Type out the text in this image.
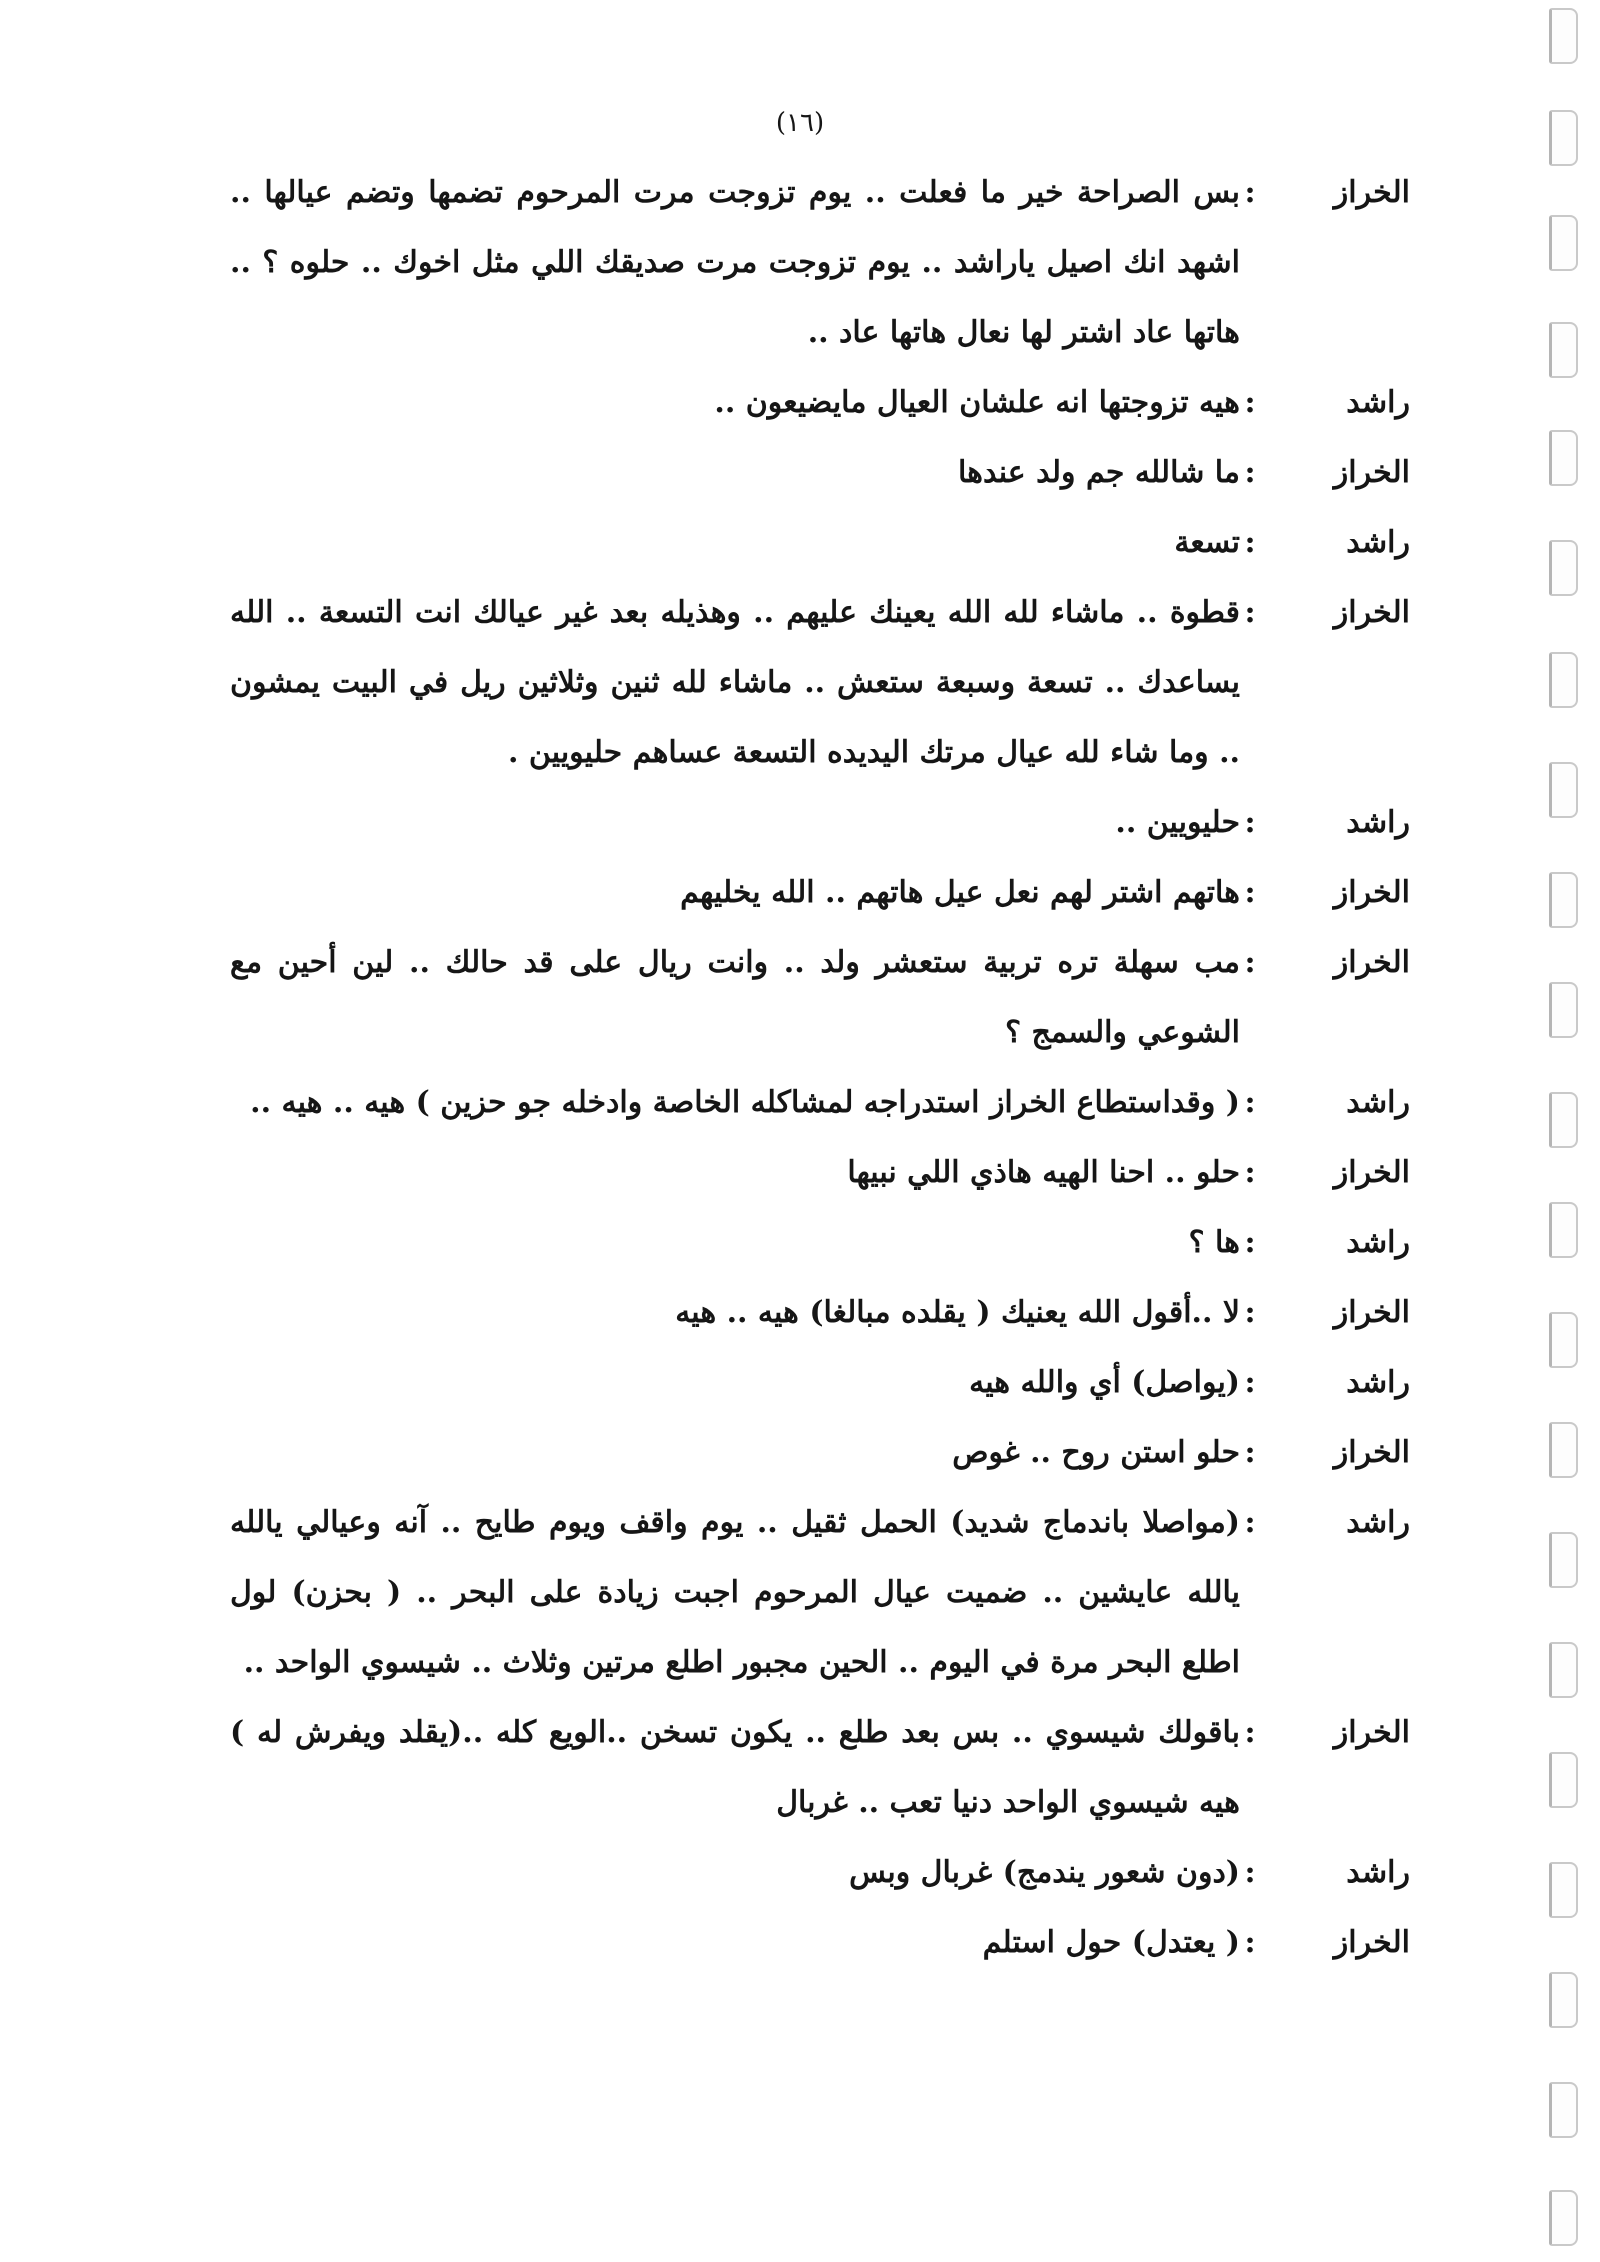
(١٦)
الخراز
:
بس الصراحة خير ما فعلت .. يوم تزوجت مرت المرحوم تضمها وتضم عيالها .. اشهد انك اصيل ياراشد .. يوم تزوجت مرت صديقك اللي مثل اخوك .. حلوه ؟ .. هاتها عاد اشتر لها نعال هاتها عاد ..
راشد
:
هيه تزوجتها انه علشان العيال مايضيعون ..
الخراز
:
ما شالله جم ولد عندها
راشد
:
تسعة
الخراز
:
قطوة .. ماشاء لله الله يعينك عليهم .. وهذيله بعد غير عيالك انت التسعة .. الله يساعدك .. تسعة وسبعة ستعش .. ماشاء لله ثنين وثلاثين ريل في البيت يمشون .. وما شاء لله عيال مرتك اليديده التسعة عساهم حليويين .
راشد
:
حليويين ..
الخراز
:
هاتهم اشتر لهم نعل عيل هاتهم .. الله يخليهم
الخراز
:
مب سهلة تره تربية ستعشر ولد .. وانت ريال على قد حالك .. لين أحين مع الشوعي والسمج ؟
راشد
:
( وقداستطاع الخراز استدراجه لمشاكله الخاصة وادخله جو حزين ) هيه .. هيه ..
الخراز
:
حلو .. احنا الهيه هاذي اللي نبيها
راشد
:
ها ؟
الخراز
:
لا ..أقول الله يعنيك ( يقلده مبالغا) هيه .. هيه
راشد
:
(يواصل) أي والله هيه
الخراز
:
حلو استن روح .. غوص
راشد
:
(مواصلا باندماج شديد) الحمل ثقيل .. يوم واقف ويوم طايح .. آنه وعيالي يالله يالله عايشين .. ضميت عيال المرحوم اجبت زيادة على البحر .. ( بحزن) لول اطلع البحر مرة في اليوم .. الحين مجبور اطلع مرتين وثلاث .. شيسوي الواحد ..
الخراز
:
باقولك شيسوي .. بس بعد طلع .. يكون تسخن ..الويع كله ..(يقلد ويفرش له ) هيه شيسوي الواحد دنيا تعب .. غربال
راشد
:
(دون شعور يندمج) غربال وبس
الخراز
:
( يعتدل) حول استلم
